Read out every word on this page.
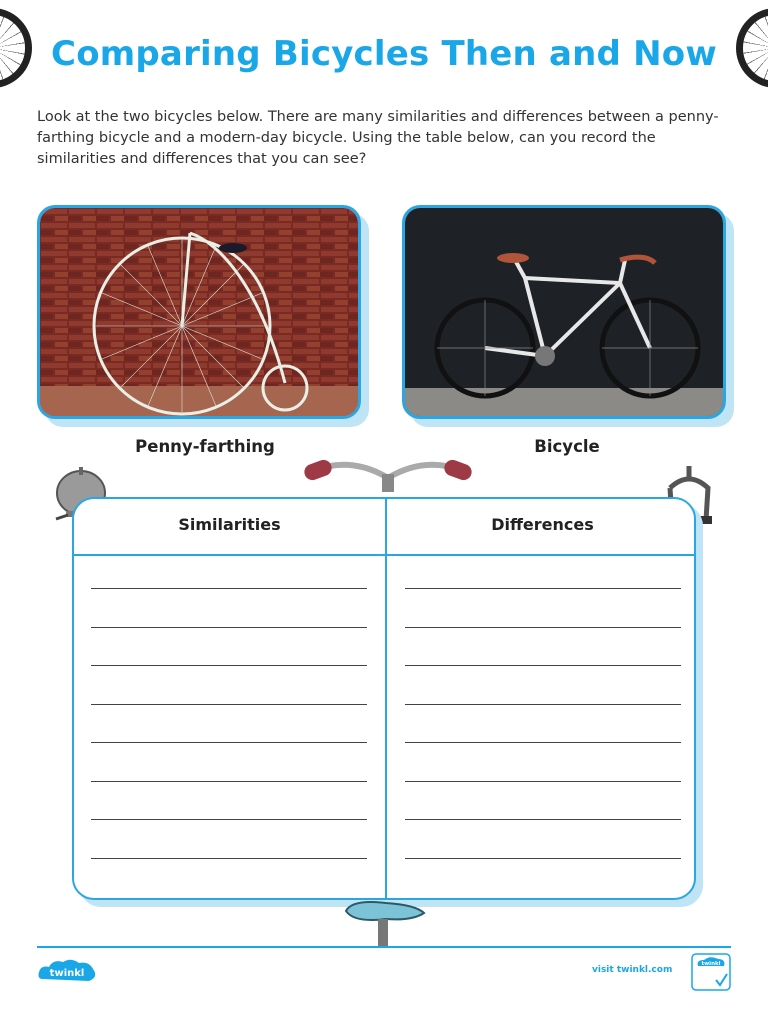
Comparing Bicycles Then and Now
Look at the two bicycles below. There are many similarities and differences between a penny-farthing bicycle and a modern-day bicycle. Using the table below, can you record the similarities and differences that you can see?
Penny-farthing	Bicycle
Similarities	Differences
twinkl	visit twinkl.com
twinkl
